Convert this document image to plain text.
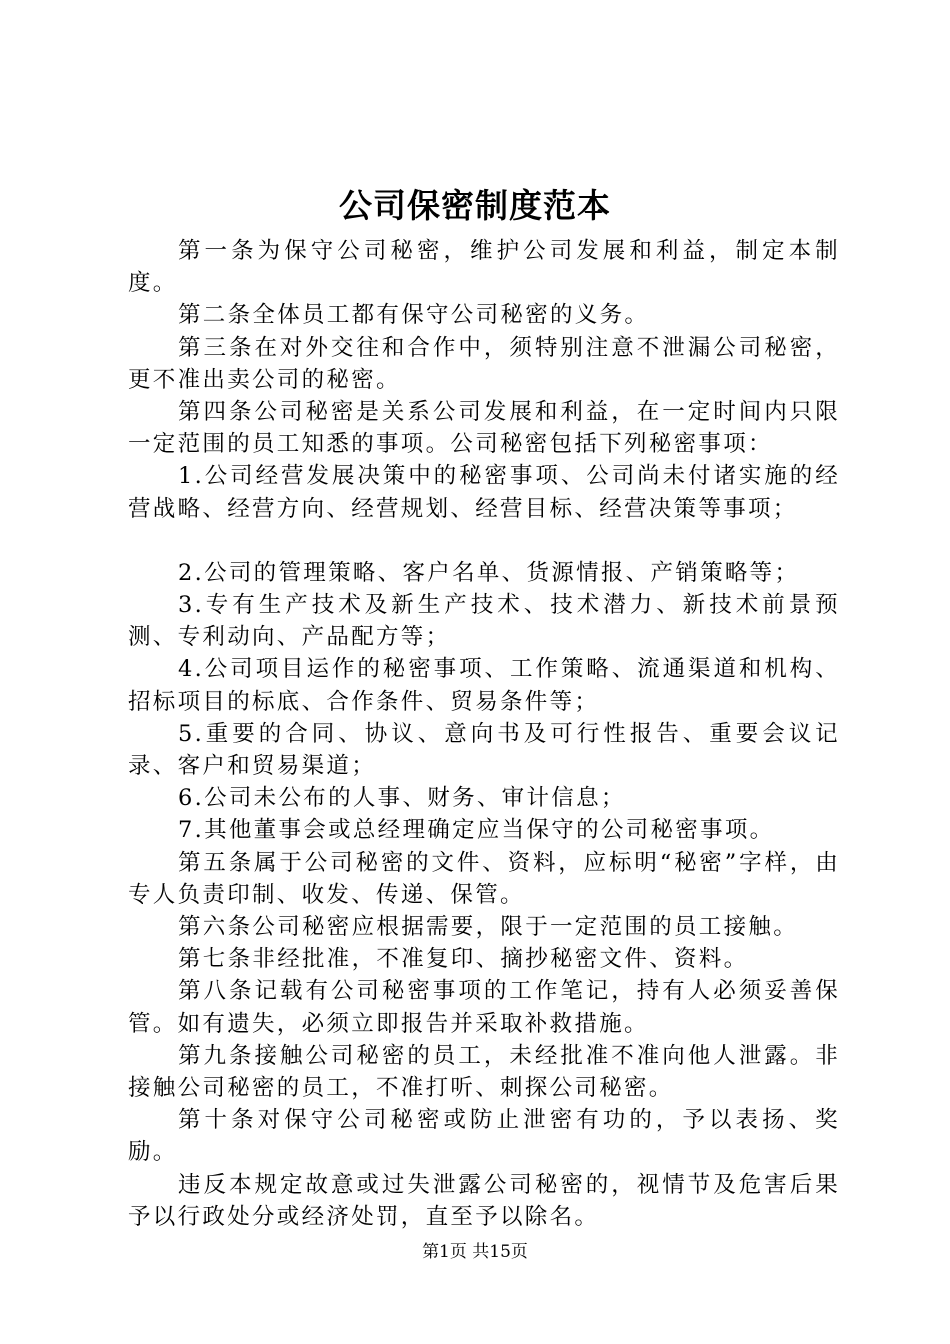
公司保密制度范本

第一条为保守公司秘密，维护公司发展和利益，制定本制度。

第二条全体员工都有保守公司秘密的义务。

第三条在对外交往和合作中，须特别注意不泄漏公司秘密，更不准出卖公司的秘密。

第四条公司秘密是关系公司发展和利益，在一定时间内只限一定范围的员工知悉的事项。公司秘密包括下列秘密事项：

1.公司经营发展决策中的秘密事项、公司尚未付诸实施的经营战略、经营方向、经营规划、经营目标、经营决策等事项；

2.公司的管理策略、客户名单、货源情报、产销策略等；

3.专有生产技术及新生产技术、技术潜力、新技术前景预测、专利动向、产品配方等；

4.公司项目运作的秘密事项、工作策略、流通渠道和机构、招标项目的标底、合作条件、贸易条件等；

5.重要的合同、协议、意向书及可行性报告、重要会议记录、客户和贸易渠道；

6.公司未公布的人事、财务、审计信息；

7.其他董事会或总经理确定应当保守的公司秘密事项。

第五条属于公司秘密的文件、资料，应标明“秘密”字样，由专人负责印制、收发、传递、保管。

第六条公司秘密应根据需要，限于一定范围的员工接触。

第七条非经批准，不准复印、摘抄秘密文件、资料。

第八条记载有公司秘密事项的工作笔记，持有人必须妥善保管。如有遗失，必须立即报告并采取补救措施。

第九条接触公司秘密的员工，未经批准不准向他人泄露。非接触公司秘密的员工，不准打听、刺探公司秘密。

第十条对保守公司秘密或防止泄密有功的，予以表扬、奖励。

违反本规定故意或过失泄露公司秘密的，视情节及危害后果予以行政处分或经济处罚，直至予以除名。

第1页 共15页
